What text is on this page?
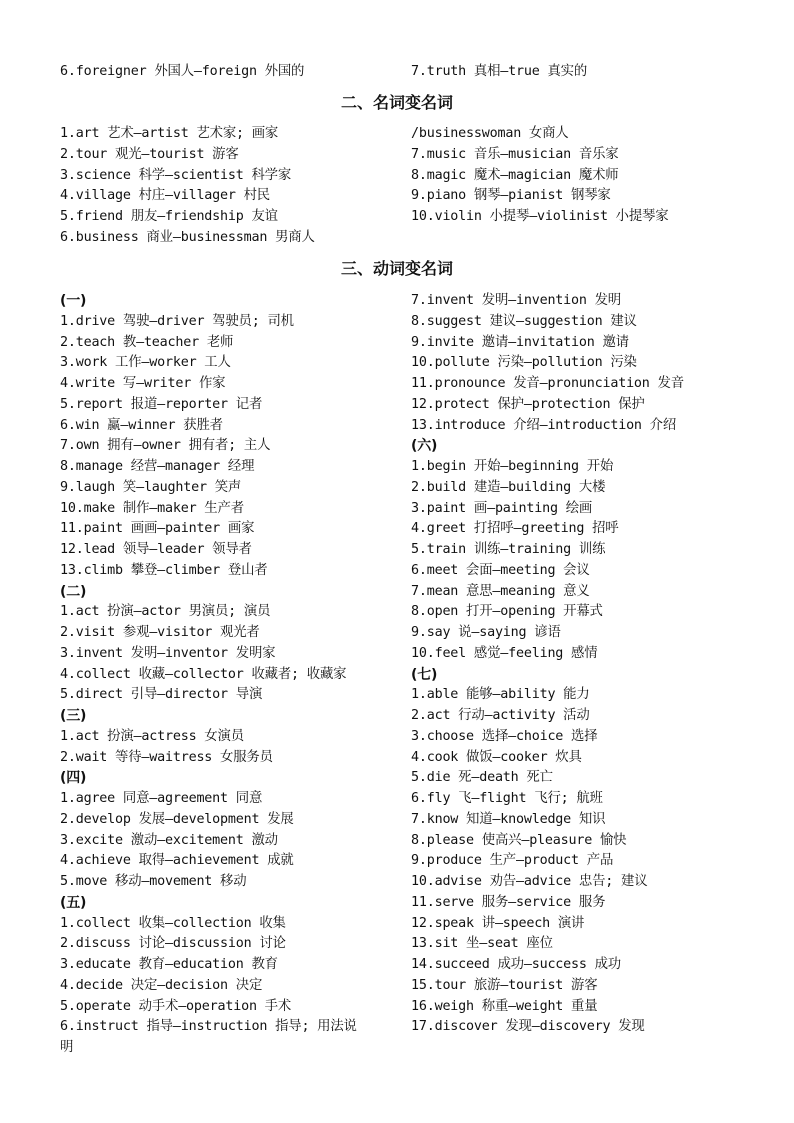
6.foreigner 外国人—foreign 外国的	7.truth 真相—true 真实的
二、名词变名词
1.art 艺术—artist 艺术家; 画家
2.tour 观光—tourist 游客
3.science 科学—scientist 科学家
4.village 村庄—villager 村民
5.friend 朋友—friendship 友谊
6.business 商业—businessman 男商人
/businesswoman 女商人
7.music 音乐—musician 音乐家
8.magic 魔术—magician 魔术师
9.piano 钢琴—pianist 钢琴家
10.violin 小提琴—violinist 小提琴家
三、动词变名词
(一)
1.drive 驾驶—driver 驾驶员; 司机
2.teach 教—teacher 老师
3.work 工作—worker 工人
4.write 写—writer 作家
5.report 报道—reporter 记者
6.win 赢—winner 获胜者
7.own 拥有—owner 拥有者; 主人
8.manage 经营—manager 经理
9.laugh 笑—laughter 笑声
10.make 制作—maker 生产者
11.paint 画画—painter 画家
12.lead 领导—leader 领导者
13.climb 攀登—climber 登山者
(二)
1.act 扮演—actor 男演员; 演员
2.visit 参观—visitor 观光者
3.invent 发明—inventor 发明家
4.collect 收藏—collector 收藏者; 收藏家
5.direct 引导—director 导演
(三)
1.act 扮演—actress 女演员
2.wait 等待—waitress 女服务员
(四)
1.agree 同意—agreement 同意
2.develop 发展—development 发展
3.excite 激动—excitement 激动
4.achieve 取得—achievement 成就
5.move 移动—movement 移动
(五)
1.collect 收集—collection 收集
2.discuss 讨论—discussion 讨论
3.educate 教育—education 教育
4.decide 决定—decision 决定
5.operate 动手术—operation 手术
6.instruct 指导—instruction 指导; 用法说
明
7.invent 发明—invention 发明
8.suggest 建议—suggestion 建议
9.invite 邀请—invitation 邀请
10.pollute 污染—pollution 污染
11.pronounce 发音—pronunciation 发音
12.protect 保护—protection 保护
13.introduce 介绍—introduction 介绍
(六)
1.begin 开始—beginning 开始
2.build 建造—building 大楼
3.paint 画—painting 绘画
4.greet 打招呼—greeting 招呼
5.train 训练—training 训练
6.meet 会面—meeting 会议
7.mean 意思—meaning 意义
8.open 打开—opening 开幕式
9.say 说—saying 谚语
10.feel 感觉—feeling 感情
(七)
1.able 能够—ability 能力
2.act 行动—activity 活动
3.choose 选择—choice 选择
4.cook 做饭—cooker 炊具
5.die 死—death 死亡
6.fly 飞—flight 飞行; 航班
7.know 知道—knowledge 知识
8.please 使高兴—pleasure 愉快
9.produce 生产—product 产品
10.advise 劝告—advice 忠告; 建议
11.serve 服务—service 服务
12.speak 讲—speech 演讲
13.sit 坐—seat 座位
14.succeed 成功—success 成功
15.tour 旅游—tourist 游客
16.weigh 称重—weight 重量
17.discover 发现—discovery 发现
